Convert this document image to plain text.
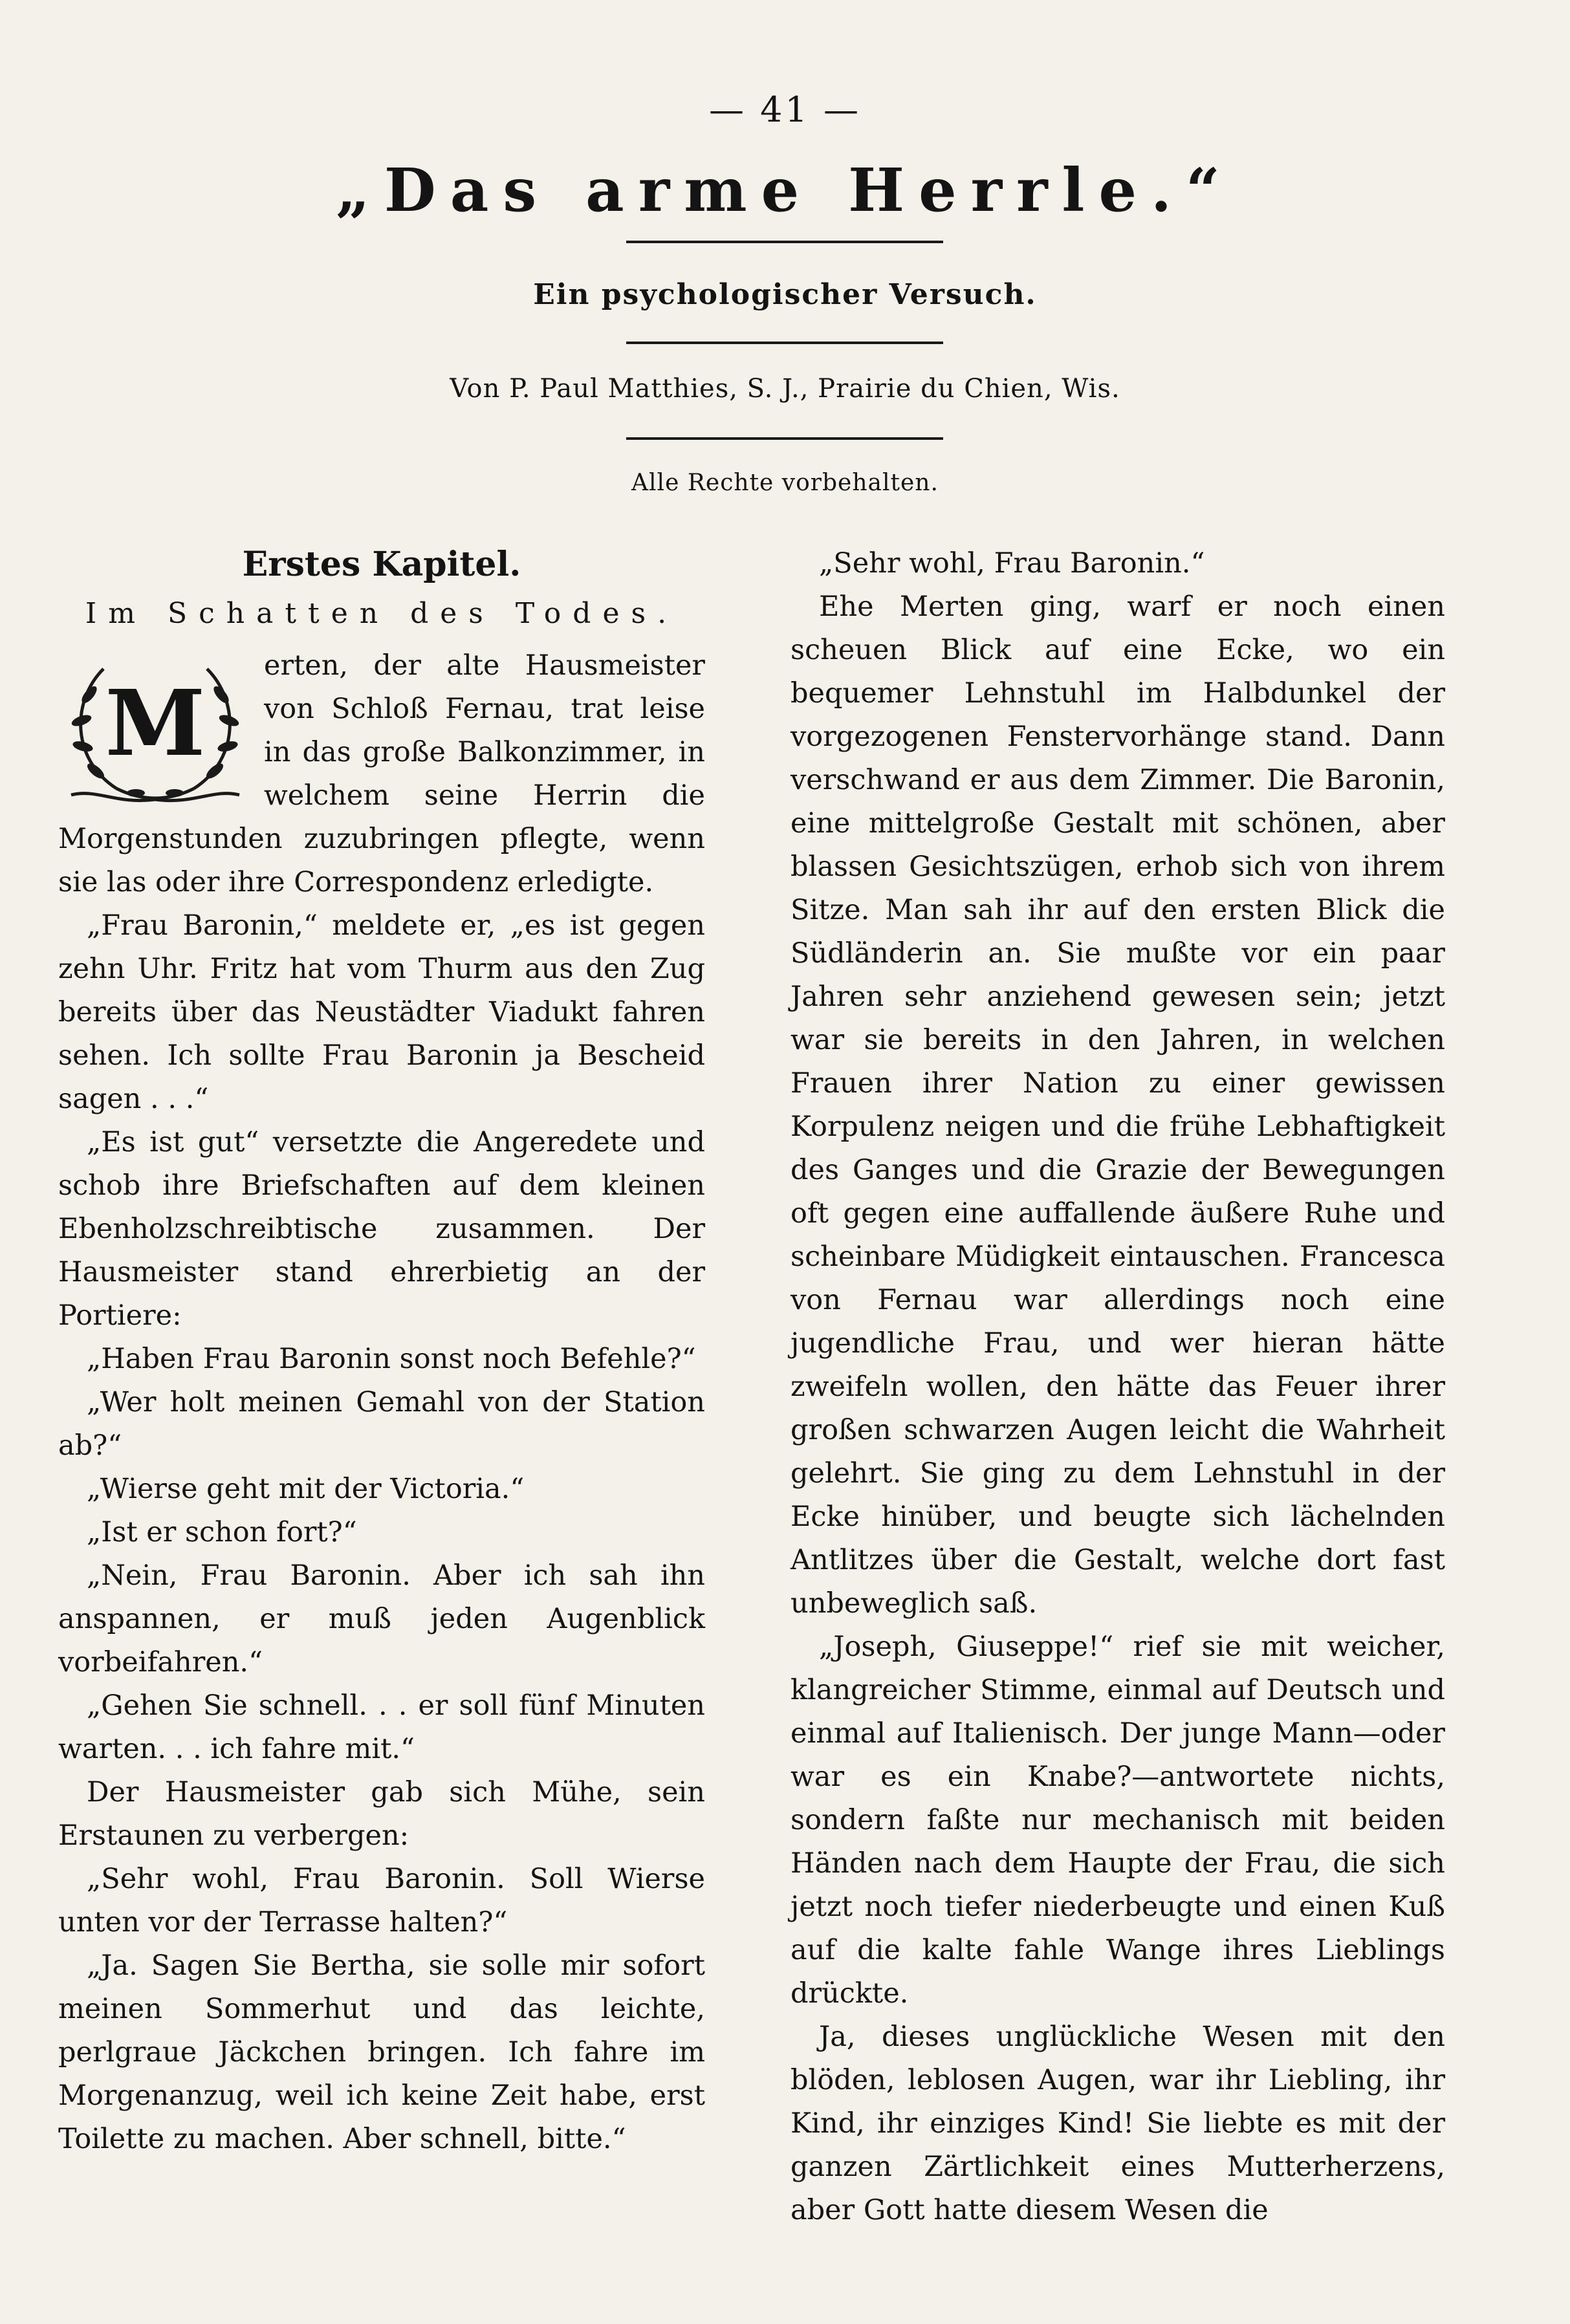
— 41 —
„Das arme Herrle.“
Ein psychologischer Versuch.
Von P. Paul Matthies, S. J., Prairie du Chien, Wis.
Alle Rechte vorbehalten.
Erstes Kapitel.
Im Schatten des Todes.
M

erten, der alte Hausmeister von Schloß Fernau, trat leise in das große Balkonzimmer, in welchem seine Herrin die Morgenstunden zuzubringen pflegte, wenn sie las oder ihre Correspondenz erledigte.

„Frau Baronin,“ meldete er, „es ist gegen zehn Uhr. Fritz hat vom Thurm aus den Zug bereits über das Neustädter Viadukt fahren sehen. Ich sollte Frau Baronin ja Bescheid sagen . . .“

„Es ist gut“ versetzte die Angeredete und schob ihre Briefschaften auf dem kleinen Ebenholzschreibtische zusammen. Der Hausmeister stand ehrerbietig an der Portiere:

„Haben Frau Baronin sonst noch Befehle?“

„Wer holt meinen Gemahl von der Station ab?“

„Wierse geht mit der Victoria.“

„Ist er schon fort?“

„Nein, Frau Baronin. Aber ich sah ihn anspannen, er muß jeden Augenblick vorbeifahren.“

„Gehen Sie schnell. . . er soll fünf Minuten warten. . . ich fahre mit.“

Der Hausmeister gab sich Mühe, sein Erstaunen zu verbergen:

„Sehr wohl, Frau Baronin. Soll Wierse unten vor der Terrasse halten?“

„Ja. Sagen Sie Bertha, sie solle mir sofort meinen Sommerhut und das leichte, perlgraue Jäckchen bringen. Ich fahre im Morgenanzug, weil ich keine Zeit habe, erst Toilette zu machen. Aber schnell, bitte.“

„Sehr wohl, Frau Baronin.“

Ehe Merten ging, warf er noch einen scheuen Blick auf eine Ecke, wo ein bequemer Lehnstuhl im Halbdunkel der vorgezogenen Fenstervorhänge stand. Dann verschwand er aus dem Zimmer. Die Baronin, eine mittelgroße Gestalt mit schönen, aber blassen Gesichtszügen, erhob sich von ihrem Sitze. Man sah ihr auf den ersten Blick die Südländerin an. Sie mußte vor ein paar Jahren sehr anziehend gewesen sein; jetzt war sie bereits in den Jahren, in welchen Frauen ihrer Nation zu einer gewissen Korpulenz neigen und die frühe Lebhaftigkeit des Ganges und die Grazie der Bewegungen oft gegen eine auffallende äußere Ruhe und scheinbare Müdigkeit eintauschen. Francesca von Fernau war allerdings noch eine jugendliche Frau, und wer hieran hätte zweifeln wollen, den hätte das Feuer ihrer großen schwarzen Augen leicht die Wahrheit gelehrt. Sie ging zu dem Lehnstuhl in der Ecke hinüber, und beugte sich lächelnden Antlitzes über die Gestalt, welche dort fast unbeweglich saß.

„Joseph, Giuseppe!“ rief sie mit weicher, klangreicher Stimme, einmal auf Deutsch und einmal auf Italienisch. Der junge Mann—oder war es ein Knabe?—antwortete nichts, sondern faßte nur mechanisch mit beiden Händen nach dem Haupte der Frau, die sich jetzt noch tiefer niederbeugte und einen Kuß auf die kalte fahle Wange ihres Lieblings drückte.

Ja, dieses unglückliche Wesen mit den blöden, leblosen Augen, war ihr Liebling, ihr Kind, ihr einziges Kind! Sie liebte es mit der ganzen Zärtlichkeit eines Mutterherzens, aber Gott hatte diesem Wesen die
